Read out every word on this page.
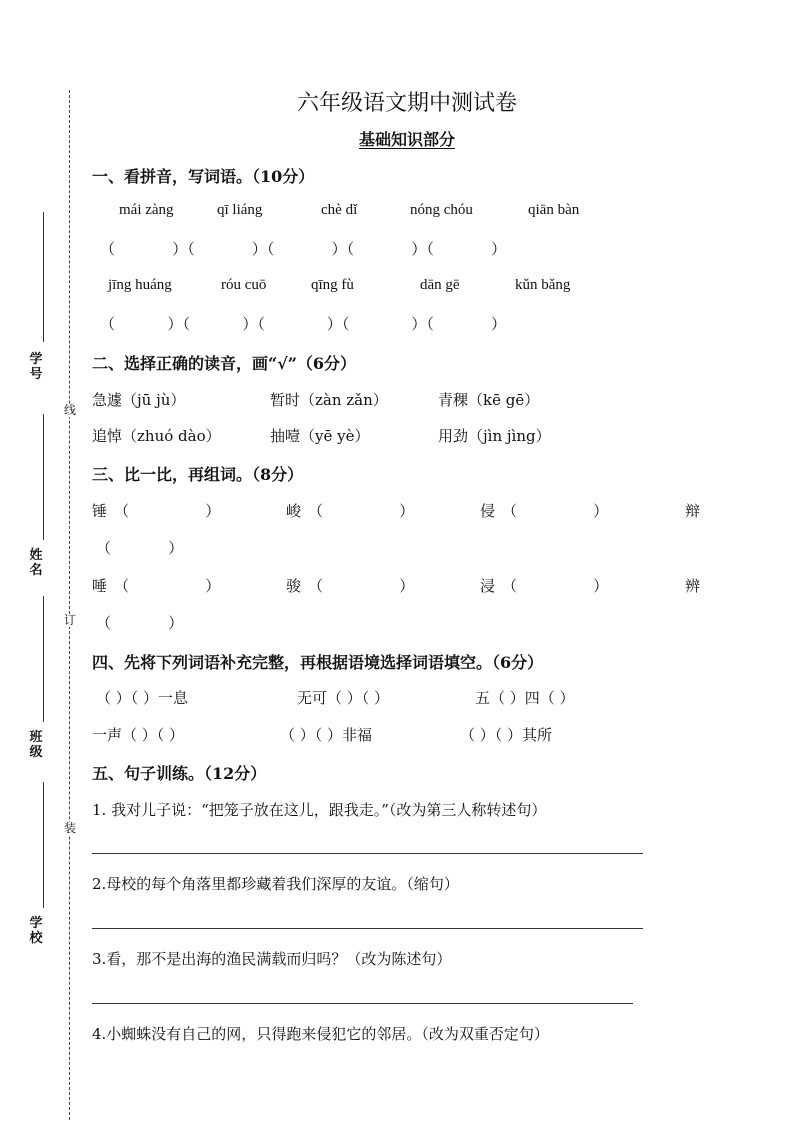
学号
姓名
班级
学校
线
订
装
六年级语文期中测试卷
基础知识部分
一、看拼音，写词语。（10分）
mái zàng	qī liáng	chè dǐ	nóng chóu	qiān bàn
（            ）（            ）（            ）（            ）（            ）
jīng huáng	róu cuō	qīng fù	dān gē	kǔn bǎng
（           ）（           ）（             ）（             ）（            ）
二、选择正确的读音，画“√”（6分）
急遽（jū jù）	暂时（zàn zǎn）	青稞（kē gē）
追悼（zhuó dào）	抽噎（yē yè）	用劲（jìn jìng）
三、比一比，再组词。（8分）
锤 （                ）	峻 （                ）	侵 （                ）	辩
（            ）
唾 （                ）	骏 （                ）	浸 （                ）	辨
（            ）
四、先将下列词语补充完整，再根据语境选择词语填空。（6分）
（ ）（ ）一息	无可（ ）（ ）	五（ ）四（ ）
一声（ ）（ ）	（ ）（ ）非福	（ ）（ ）其所
五、句子训练。（12分）
1. 我对儿子说：“把笼子放在这儿，跟我走。”（改为第三人称转述句）
2.母校的每个角落里都珍藏着我们深厚的友谊。（缩句）
3.看，那不是出海的渔民满载而归吗？（改为陈述句）
4.小蜘蛛没有自己的网，只得跑来侵犯它的邻居。（改为双重否定句）
